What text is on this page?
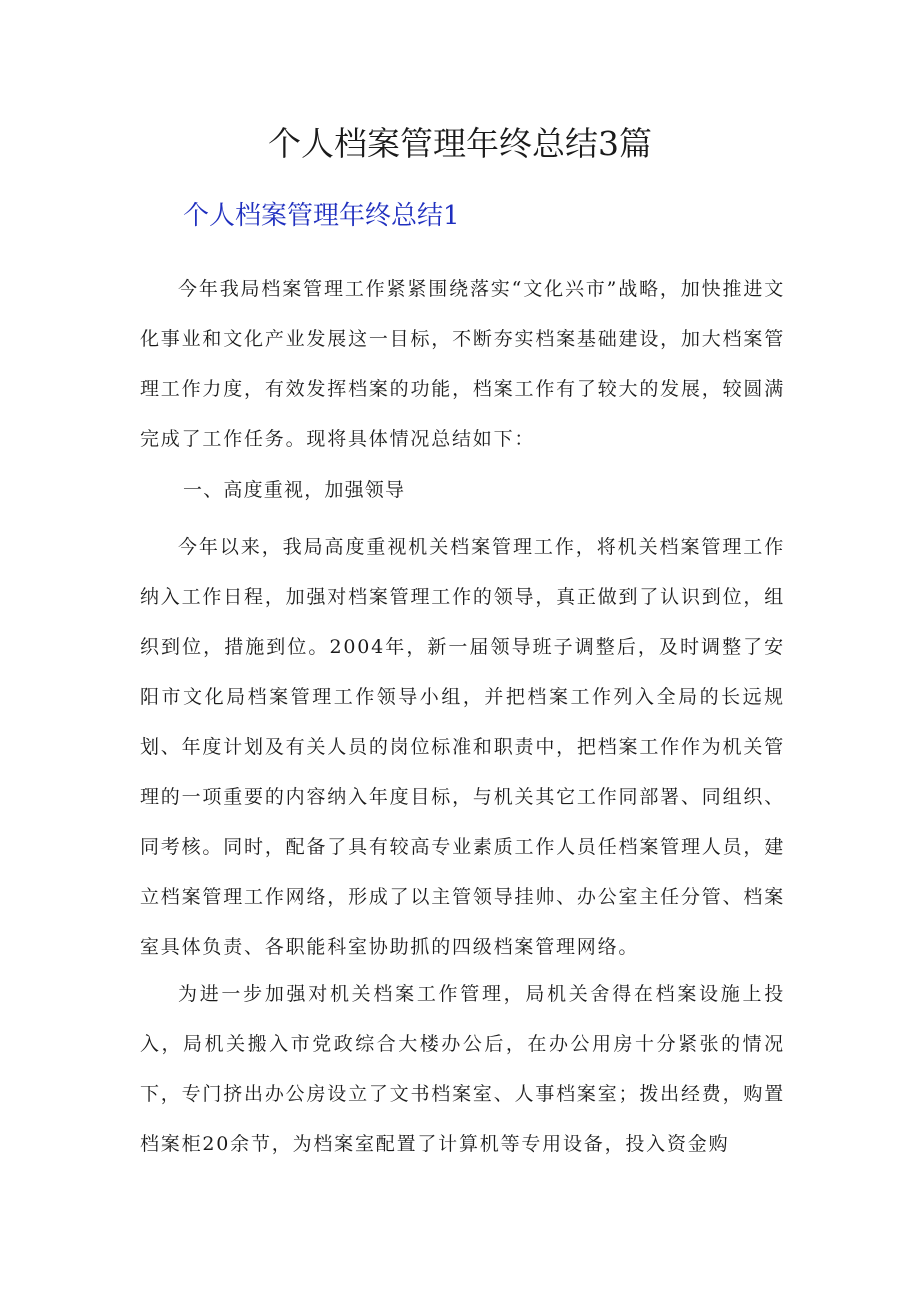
个人档案管理年终总结3篇
个人档案管理年终总结1

今年我局档案管理工作紧紧围绕落实“文化兴市”战略，加快推进文化事业和文化产业发展这一目标，不断夯实档案基础建设，加大档案管理工作力度，有效发挥档案的功能，档案工作有了较大的发展，较圆满完成了工作任务。现将具体情况总结如下：

一、高度重视，加强领导

今年以来，我局高度重视机关档案管理工作，将机关档案管理工作纳入工作日程，加强对档案管理工作的领导，真正做到了认识到位，组织到位，措施到位。2004年，新一届领导班子调整后，及时调整了安阳市文化局档案管理工作领导小组，并把档案工作列入全局的长远规划、年度计划及有关人员的岗位标准和职责中，把档案工作作为机关管理的一项重要的内容纳入年度目标，与机关其它工作同部署、同组织、同考核。同时，配备了具有较高专业素质工作人员任档案管理人员，建立档案管理工作网络，形成了以主管领导挂帅、办公室主任分管、档案室具体负责、各职能科室协助抓的四级档案管理网络。

为进一步加强对机关档案工作管理，局机关舍得在档案设施上投入，局机关搬入市党政综合大楼办公后，在办公用房十分紧张的情况下，专门挤出办公房设立了文书档案室、人事档案室；拨出经费，购置档案柜20余节，为档案室配置了计算机等专用设备，投入资金购
